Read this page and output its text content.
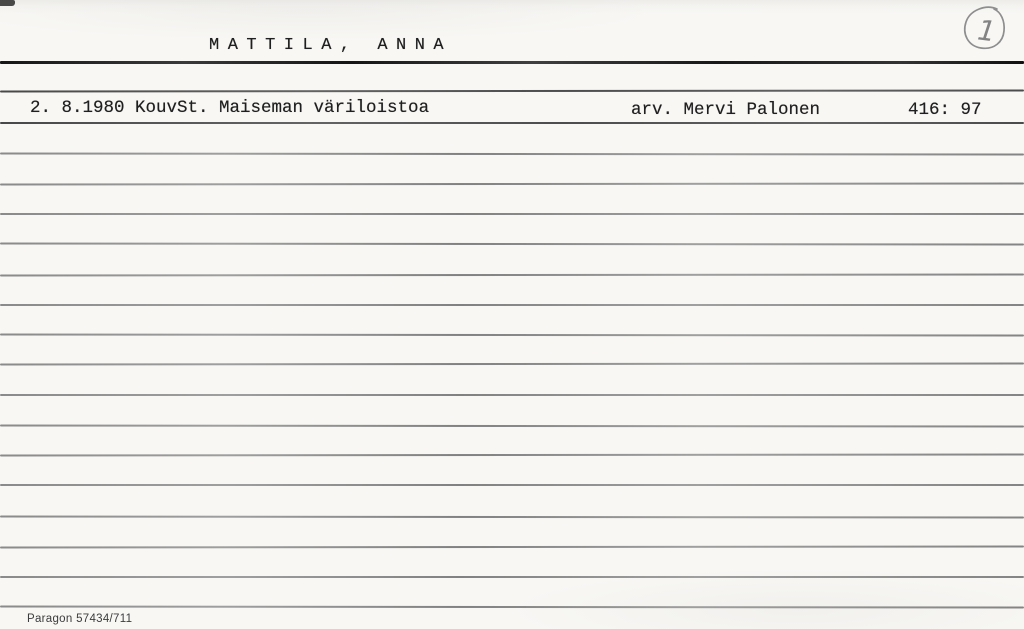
MATTILA, ANNA
2. 8.1980 KouvSt. Maiseman väriloistoa	arv. Mervi Palonen	416: 97
1
Paragon 57434/711
